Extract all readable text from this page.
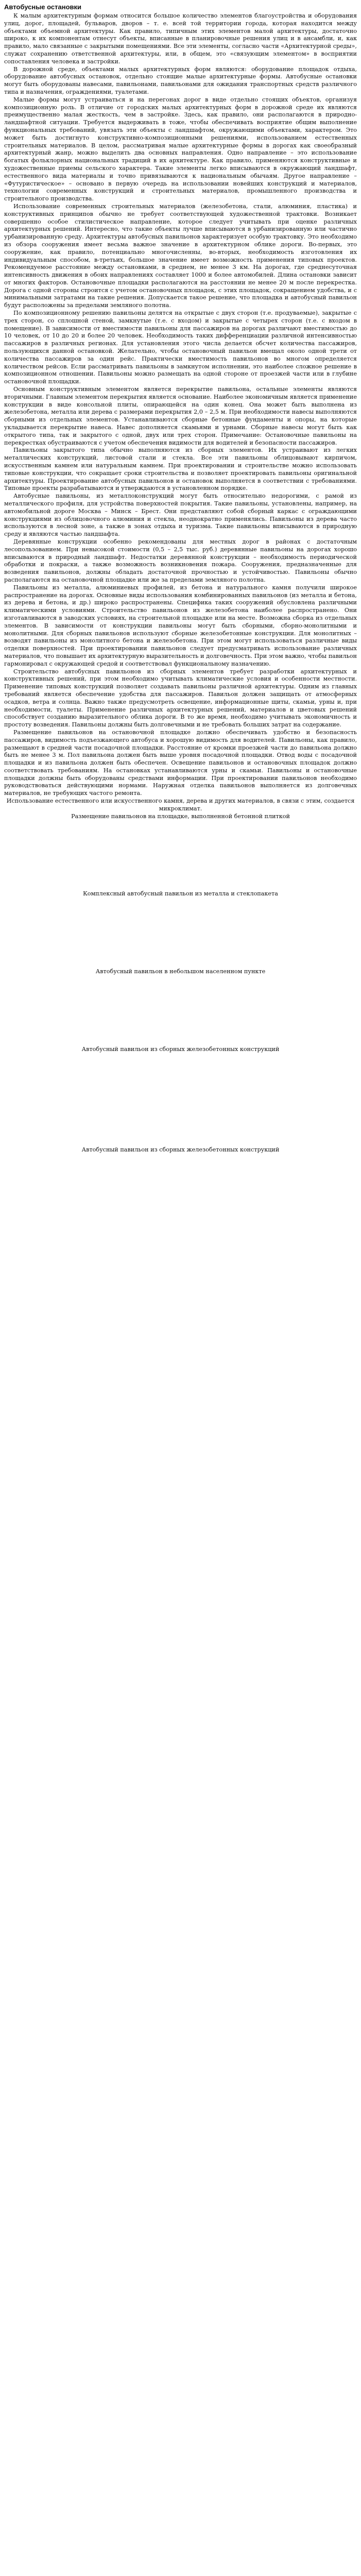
Автобусные остановки

К малым архитектурным формам относится большое количество элементов благоустройства и оборудования улиц, дорог, площадей, бульваров, дворов – т. е. всей той территории города, которая находится между объектами объемной архитектуры. Как правило, типичным этих элементов малой архитектуры, достаточно широко, к их компонентам отнесут объекты, вписанные в планировочные решения улиц и в ансамбли, и, как правило, мало связанные с закрытыми помещениями. Все эти элементы, согласно части «Архитектурной среды», служат сохранению ответственной архитектуры, или, в общем, это «связующим элементом» в восприятии сопоставления человека и застройки.

В дорожной среде, объектами малых архитектурных форм являются: оборудование площадок отдыха, оборудование автобусных остановок, отдельно стоящие малые архитектурные формы. Автобусные остановки могут быть оборудованы навесами, павильонами, павильонами для ожидания транспортных средств различного типа и назначения, ограждениями, туалетами.

Малые формы могут устраиваться и на перегонах дорог в виде отдельно стоящих объектов, организуя композиционную роль. В отличие от городских малых архитектурных форм в дорожной среде их являются преимущественно малая жесткость, чем в застройке. Здесь, как правило, они располагаются в природно-ландшафтной ситуации. Требуется выдерживать в тоже, чтобы обеспечивать восприятие общим выполнение функциональных требований, увязать эти объекты с ландшафтом, окружающими объектами, характером. Это может быть достигнуто конструктивно-композиционными решениями, использованием естественных строительных материалов. В целом, рассматривая малые архитектурные формы в дорогах как своеобразный архитектурный жанр, можно выделить два основных направления. Одно направление – это использование богатых фольклорных национальных традиций в их архитектуре. Как правило, применяются конструктивные и художественные приемы сельского характера. Такие элементы легко вписываются в окружающий ландшафт, естественного вида материалы и точно привязываются к национальным обычаям. Другое направление – «Футуристическое» – основано в первую очередь на использовании новейших конструкций и материалов, технологии современных конструкций и строительных материалов, промышленного производства и строительного производства.

Использование современных строительных материалов (железобетона, стали, алюминия, пластика) и конструктивных принципов обычно не требует соответствующей художественной трактовки. Возникает совершенно особое стилистическое направление, которое следует учитывать при оценке различных архитектурных решений. Интересно, что такие объекты лучше вписываются в урбанизированную или частично урбанизированную среду. Архитектуры автобусных павильонов характеризует особую трактовку. Это необходимо из обзора сооружения имеет весьма важное значение в архитектурном облике дороги. Во-первых, это сооружение, как правило, потенциально многочисленны, во-вторых, необходимость изготовления их индивидуальным способом, в-третьих, большое значение имеет возможность применения типовых проектов. Рекомендуемое расстояние между остановками, в среднем, не менее 3 км. На дорогах, где среднесуточная интенсивность движения в обоих направлениях составляет 1000 и более автомобилей. Длина остановки зависит от многих факторов. Остановочные площадки располагаются на расстоянии не менее 20 м после перекрестка. Дорога с одной стороны строится с учетом остановочных площадок, с этих площадок, сокращением удобства, и с минимальными затратами на такие решения. Допускается такое решение, что площадка и автобусный павильон будут расположены за пределами земляного полотна.

По композиционному решению павильоны делятся на открытые с двух сторон (т.е. продуваемые), закрытые с трех сторон, со сплошной стеной, замкнутые (т.е. с входом) и закрытые с четырех сторон (т.е. с входом в помещение). В зависимости от вместимости павильоны для пассажиров на дорогах различают вместимостью до 10 человек, от 10 до 20 и более 20 человек. Необходимость таких дифференциации различной интенсивностью пассажиров в различных регионах. Для установления этого числа делается обсчет количества пассажиров, пользующихся данной остановкой. Желательно, чтобы остановочный павильон вмещал около одной трети от количества пассажиров за один рейс. Практически вместимость павильонов во многом определяется количеством рейсов. Если рассматривать павильоны в замкнутом исполнении, это наиболее сложное решение в композиционном отношении. Павильоны можно размещать на одной стороне от проезжей части или в глубине остановочной площадки.

Основным конструктивным элементом является перекрытие павильона, остальные элементы являются вторичными. Главным элементом перекрытия является основание. Наиболее экономичным является применение конструкции в виде консольной плиты, опирающейся на один конец. Она может быть выполнена из железобетона, металла или дерева с размерами перекрытия 2,0 – 2,5 м. При необходимости навесы выполняются сборными из отдельных элементов. Устанавливаются сборные бетонные фундаменты и опоры, на которые укладывается перекрытие навеса. Навес дополняется скамьями и урнами. Сборные навесы могут быть как открытого типа, так и закрытого с одной, двух или трех сторон. Примечание: Остановочные павильоны на перекрестках обустраиваются с учетом обеспечения видимости для водителей и безопасности пассажиров.

Павильоны закрытого типа обычно выполняются из сборных элементов. Их устраивают из легких металлических конструкций, листовой стали и стекла. Все эти павильоны облицовывают кирпичом, искусственным камнем или натуральным камнем. При проектировании и строительстве можно использовать типовые конструкции, что сокращает сроки строительства и позволяет проектировать павильоны оригинальной архитектуры. Проектирование автобусных павильонов и остановок выполняется в соответствии с требованиями. Типовые проекты разрабатываются и утверждаются в установленном порядке.

Автобусные павильоны, из металлоконструкций могут быть относительно недорогими, с рамой из металлического профиля, для устройства поверхностей покрытия. Такие павильоны, установлены, например, на автомобильной дороге Москва – Минск – Брест. Они представляют собой сборный каркас с ограждающими конструкциями из облицовочного алюминия и стекла, неоднократно применялись. Павильоны из дерева часто используются в лесной зоне, а также в зонах отдыха и туризма. Такие павильоны вписываются в природную среду и являются частью ландшафта.

Деревянные конструкции особенно рекомендованы для местных дорог в районах с достаточным лесопользованием. При невысокой стоимости (0,5 – 2,5 тыс. руб.) деревянные павильоны на дорогах хорошо вписываются в природный ландшафт. Недостатки деревянной конструкции – необходимость периодической обработки и покраски, а также возможность возникновения пожара. Сооружения, предназначенные для возведения павильонов, должны обладать достаточной прочностью и устойчивостью. Павильоны обычно располагаются на остановочной площадке или же за пределами земляного полотна.

Павильоны из металла, алюминиевых профилей, из бетона и натурального камня получили широкое распространение на дорогах. Основные виды использования комбинированных павильонов (из металла и бетона, из дерева и бетона, и др.) широко распространены. Специфика таких сооружений обусловлена различными климатическими условиями. Строительство павильонов из железобетона наиболее распространено. Они изготавливаются в заводских условиях, на строительной площадке или на месте. Возможна сборка из отдельных элементов. В зависимости от конструкции павильоны могут быть сборными, сборно-монолитными и монолитными. Для сборных павильонов используют сборные железобетонные конструкции. Для монолитных – возводят павильоны из монолитного бетона и железобетона. При этом могут использоваться различные виды отделки поверхностей. При проектировании павильонов следует предусматривать использование различных материалов, что повышает их архитектурную выразительность и долговечность. При этом важно, чтобы павильон гармонировал с окружающей средой и соответствовал функциональному назначению.

Строительство автобусных павильонов из сборных элементов требует разработки архитектурных и конструктивных решений, при этом необходимо учитывать климатические условия и особенности местности. Применение типовых конструкций позволяет создавать павильоны различной архитектуры. Одним из главных требований является обеспечение удобства для пассажиров. Павильон должен защищать от атмосферных осадков, ветра и солнца. Важно также предусмотреть освещение, информационные щиты, скамьи, урны и, при необходимости, туалеты. Применение различных архитектурных решений, материалов и цветовых решений способствует созданию выразительного облика дороги. В то же время, необходимо учитывать экономичность и простоту возведения. Павильоны должны быть долговечными и не требовать больших затрат на содержание.

Размещение павильонов на остановочной площадке должно обеспечивать удобство и безопасность пассажиров, видимость подъезжающего автобуса и хорошую видимость для водителей. Павильоны, как правило, размещают в средней части посадочной площадки. Расстояние от кромки проезжей части до павильона должно быть не менее 3 м. Пол павильона должен быть выше уровня посадочной площадки. Отвод воды с посадочной площадки и из павильона должен быть обеспечен. Освещение павильонов и остановочных площадок должно соответствовать требованиям. На остановках устанавливаются урны и скамьи. Павильоны и остановочные площадки должны быть оборудованы средствами информации. При проектировании павильонов необходимо руководствоваться действующими нормами. Наружная отделка павильонов выполняется из долговечных материалов, не требующих частого ремонта.

Использование естественного или искусственного камня, дерева и других материалов, в связи с этим, создается микроклимат.

Размещение павильонов на площадке, выполненной бетонной плиткой

Комплексный автобусный павильон из металла и стеклопакета

Автобусный павильон в небольшом населенном пункте

Автобусный павильон из сборных железобетонных конструкций

Автобусный павильон из сборных железобетонных конструкций
